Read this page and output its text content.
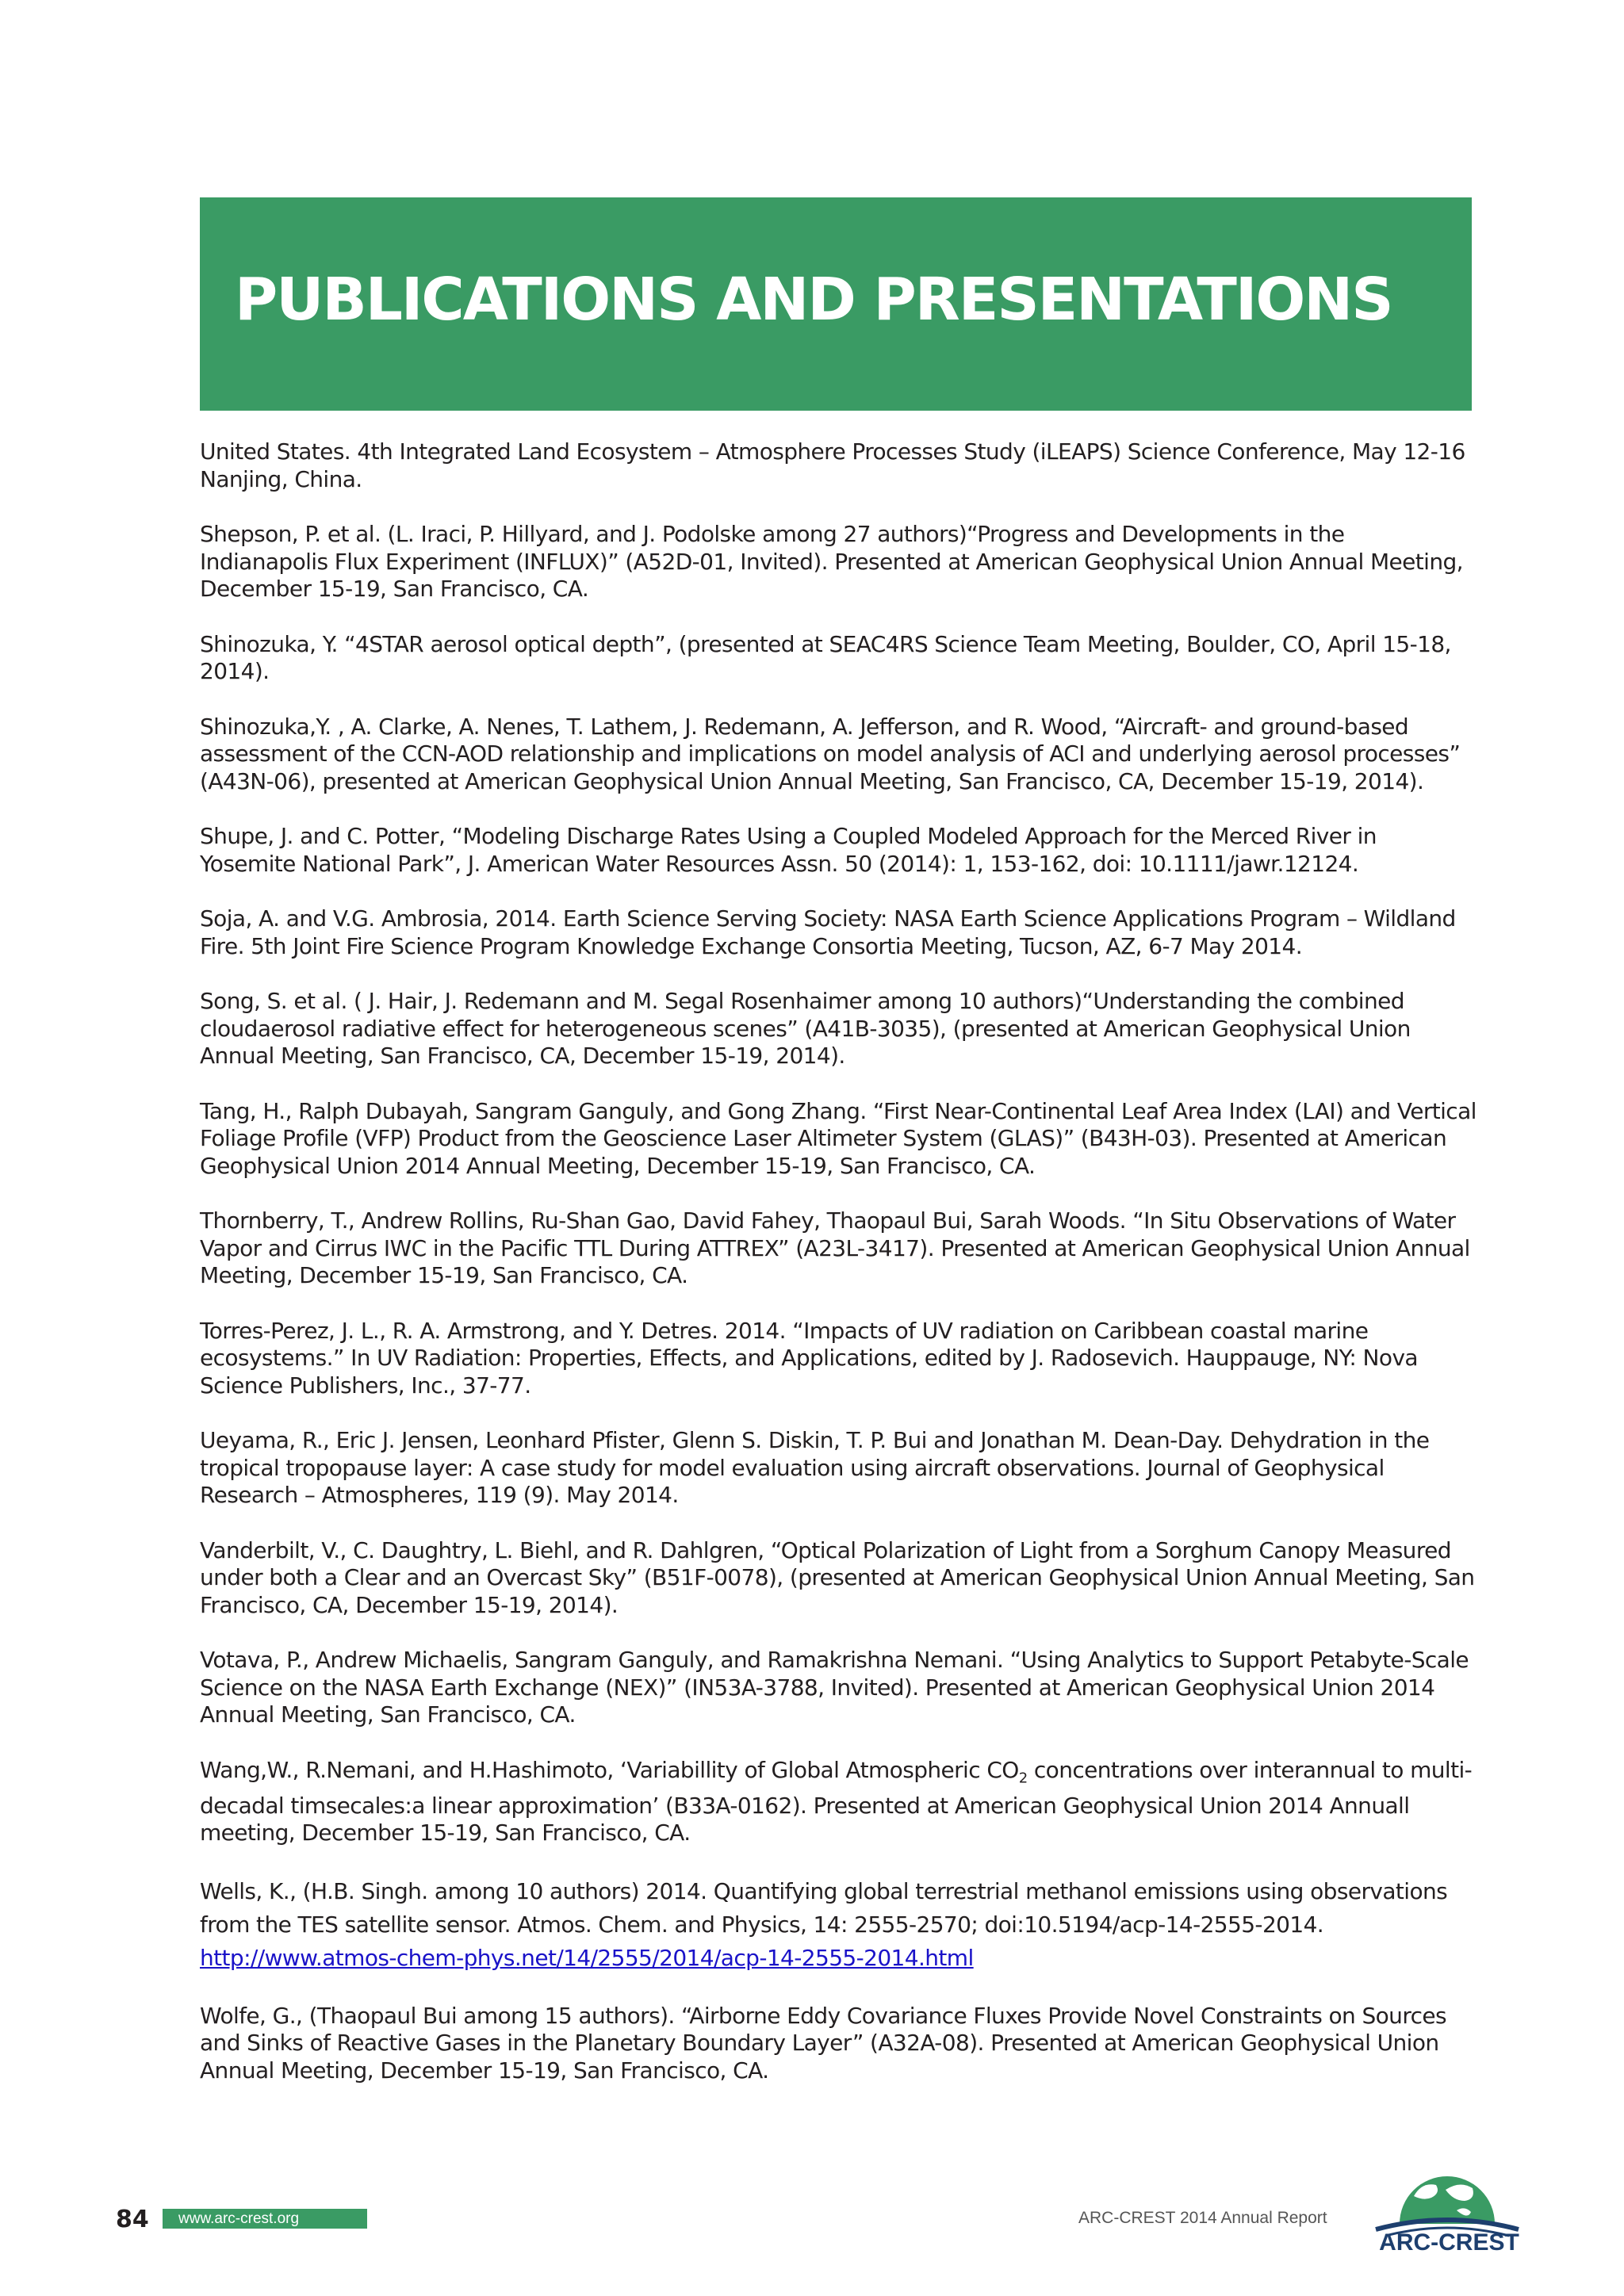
PUBLICATIONS AND PRESENTATIONS

United States. 4th Integrated Land Ecosystem – Atmosphere Processes Study (iLEAPS) Science Conference, May 12-16 Nanjing, China.

Shepson, P. et al. (L. Iraci, P. Hillyard, and J. Podolske among 27 authors)“Progress and Developments in the Indianapolis Flux Experiment (INFLUX)” (A52D-01, Invited). Presented at American Geophysical Union Annual Meeting, December 15-19, San Francisco, CA.

Shinozuka, Y. “4STAR aerosol optical depth”, (presented at SEAC4RS Science Team Meeting, Boulder, CO, April 15-18, 2014).

Shinozuka,Y. , A. Clarke, A. Nenes, T. Lathem, J. Redemann, A. Jefferson, and R. Wood, “Aircraft- and ground-based assessment of the CCN-AOD relationship and implications on model analysis of ACI and underlying aerosol processes” (A43N-06), presented at American Geophysical Union Annual Meeting, San Francisco, CA, December 15-19, 2014).

Shupe, J. and C. Potter, “Modeling Discharge Rates Using a Coupled Modeled Approach for the Merced River in Yosemite National Park”, J. American Water Resources Assn. 50 (2014): 1, 153-162, doi: 10.1111/jawr.12124.

Soja, A. and V.G. Ambrosia, 2014. Earth Science Serving Society: NASA Earth Science Applications Program – Wildland Fire. 5th Joint Fire Science Program Knowledge Exchange Consortia Meeting, Tucson, AZ, 6-7 May 2014.

Song, S. et al. ( J. Hair, J. Redemann and M. Segal Rosenhaimer among 10 authors)“Understanding the combined cloudaerosol radiative effect for heterogeneous scenes” (A41B-3035), (presented at American Geophysical Union Annual Meeting, San Francisco, CA, December 15-19, 2014).

Tang, H., Ralph Dubayah, Sangram Ganguly, and Gong Zhang. “First Near-Continental Leaf Area Index (LAI) and Vertical Foliage Profile (VFP) Product from the Geoscience Laser Altimeter System (GLAS)” (B43H-03). Presented at American Geophysical Union 2014 Annual Meeting, December 15-19, San Francisco, CA.

Thornberry, T., Andrew Rollins, Ru-Shan Gao, David Fahey, Thaopaul Bui, Sarah Woods. “In Situ Observations of Water Vapor and Cirrus IWC in the Pacific TTL During ATTREX” (A23L-3417). Presented at American Geophysical Union Annual Meeting, December 15-19, San Francisco, CA.

Torres-Perez, J. L., R. A. Armstrong, and Y. Detres. 2014. “Impacts of UV radiation on Caribbean coastal marine ecosystems.” In UV Radiation: Properties, Effects, and Applications, edited by J. Radosevich. Hauppauge, NY: Nova Science Publishers, Inc., 37-77.

Ueyama, R., Eric J. Jensen, Leonhard Pfister, Glenn S. Diskin, T. P. Bui and Jonathan M. Dean-Day. Dehydration in the tropical tropopause layer: A case study for model evaluation using aircraft observations. Journal of Geophysical Research – Atmospheres, 119 (9). May 2014.

Vanderbilt, V., C. Daughtry, L. Biehl, and R. Dahlgren, “Optical Polarization of Light from a Sorghum Canopy Measured under both a Clear and an Overcast Sky” (B51F-0078), (presented at American Geophysical Union Annual Meeting, San Francisco, CA, December 15-19, 2014).

Votava, P., Andrew Michaelis, Sangram Ganguly, and Ramakrishna Nemani. “Using Analytics to Support Petabyte-Scale Science on the NASA Earth Exchange (NEX)” (IN53A-3788, Invited). Presented at American Geophysical Union 2014 Annual Meeting, San Francisco, CA.

Wang,W., R.Nemani, and H.Hashimoto, ‘Variabillity of Global Atmospheric $CO_2$ concentrations over interannual to multi-decadal timsecales:a linear approximation’ (B33A-0162). Presented at American Geophysical Union 2014 Annuall meeting, December 15-19, San Francisco, CA.

Wells, K., (H.B. Singh. among 10 authors) 2014. Quantifying global terrestrial methanol emissions using observations from the TES satellite sensor. Atmos. Chem. and Physics, 14: 2555-2570; doi:10.5194/acp-14-2555-2014. http://www.atmos-chem-phys.net/14/2555/2014/acp-14-2555-2014.html

Wolfe, G., (Thaopaul Bui among 15 authors). “Airborne Eddy Covariance Fluxes Provide Novel Constraints on Sources and Sinks of Reactive Gases in the Planetary Boundary Layer” (A32A-08). Presented at American Geophysical Union Annual Meeting, December 15-19, San Francisco, CA.

84	www.arc-crest.org	ARC-CREST 2014 Annual Report
ARC-CREST
